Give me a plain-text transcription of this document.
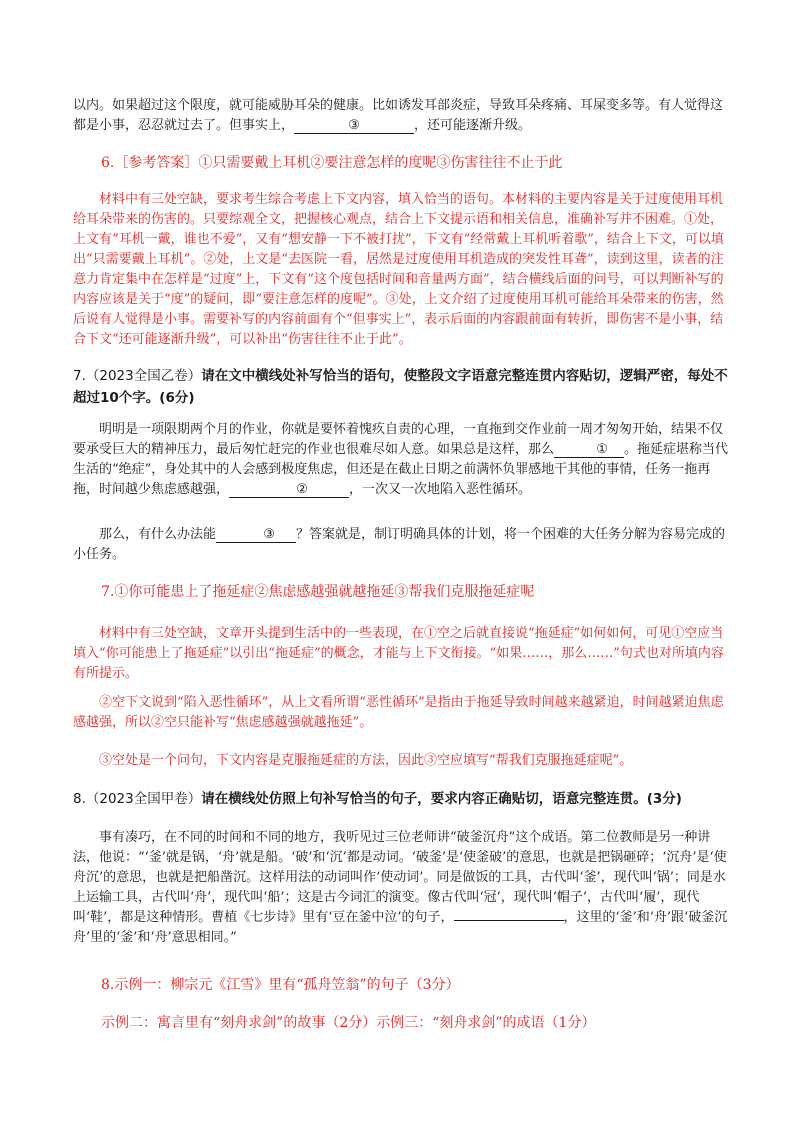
以内。如果超过这个限度，就可能威胁耳朵的健康。比如诱发耳部炎症，导致耳朵疼痛、耳屎变多等。有人觉得这都是小事，忍忍就过去了。但事实上，	③	，还可能逐渐升级。

6.［参考答案］①只需要戴上耳机②要注意怎样的度呢③伤害往往不止于此

材料中有三处空缺，要求考生综合考虑上下文内容，填入恰当的语句。本材料的主要内容是关于过度使用耳机给耳朵带来的伤害的。只要综观全文，把握核心观点，结合上下文提示语和相关信息，准确补写并不困难。①处，上文有“耳机一戴，谁也不爱”，又有“想安静一下不被打扰”，下文有“经常戴上耳机听着歌”，结合上下文，可以填出“只需要戴上耳机”。②处，上文是“去医院一看，居然是过度使用耳机造成的突发性耳聋”，读到这里，读者的注意力肯定集中在怎样是“过度”上，下文有“这个度包括时间和音量两方面”，结合横线后面的问号，可以判断补写的内容应该是关于“度”的疑问，即“要注意怎样的度呢”。③处，上文介绍了过度使用耳机可能给耳朵带来的伤害，然后说有人觉得是小事。需要补写的内容前面有个“但事实上”，表示后面的内容跟前面有转折，即伤害不是小事，结合下文“还可能逐渐升级”，可以补出“伤害往往不止于此”。

7.（2023全国乙卷）请在文中横线处补写恰当的语句，使整段文字语意完整连贯内容贴切，逻辑严密，每处不超过10个字。(6分)

明明是一项限期两个月的作业，你就是要怀着愧疚自责的心理，一直拖到交作业前一周才匆匆开始，结果不仅要承受巨大的精神压力，最后匆忙赶完的作业也很难尽如人意。如果总是这样，那么	① 。拖延症堪称当代生活的“绝症”，身处其中的人会感到极度焦虑，但还是在截止日期之前满怀负罪感地干其他的事情，任务一拖再拖，时间越少焦虑感越强，	②	，一次又一次地陷入恶性循环。

那么，有什么办法能	③ ？答案就是，制订明确具体的计划，将一个困难的大任务分解为容易完成的小任务。

7.①你可能患上了拖延症②焦虑感越强就越拖延③帮我们克服拖延症呢

材料中有三处空缺，文章开头提到生活中的一些表现，在①空之后就直接说“拖延症”如何如何，可见①空应当填入“你可能患上了拖延症”以引出“拖延症”的概念，才能与上下文衔接。“如果……，那么……”句式也对所填内容有所提示。

②空下文说到“陷入恶性循环”，从上文看所谓“恶性循环”是指由于拖延导致时间越来越紧迫，时间越紧迫焦虑感越强，所以②空只能补写“焦虑感越强就越拖延”。

③空处是一个问句，下文内容是克服拖延症的方法，因此③空应填写“帮我们克服拖延症呢”。

8.（2023全国甲卷）请在横线处仿照上句补写恰当的句子，要求内容正确贴切，语意完整连贯。(3分)

事有凑巧，在不同的时间和不同的地方，我听见过三位老师讲“破釜沉舟”这个成语。第二位教师是另一种讲法，他说：“‘釜’就是锅，‘舟’就是船。‘破’和‘沉’都是动词。‘破釜’是‘使釜破’的意思，也就是把锅砸碎；‘沉舟’是‘使舟沉’的意思，也就是把船凿沉。这样用法的动词叫作‘使动词’。同是做饭的工具，古代叫‘釜’，现代叫‘锅’；同是水上运输工具，古代叫‘舟’，现代叫‘船’；这是古今词汇的演变。像古代叫‘冠’，现代叫‘帽子’，古代叫‘履’，现代叫‘鞋’，都是这种情形。曹植《七步诗》里有‘豆在釜中泣’的句子，	，这里的‘釜’和‘舟’跟‘破釜沉舟’里的‘釜’和‘舟’意思相同。”

8.示例一：柳宗元《江雪》里有“孤舟笠翁”的句子（3分）

示例二：寓言里有“刻舟求剑”的故事（2分）示例三：“刻舟求剑”的成语（1分）
